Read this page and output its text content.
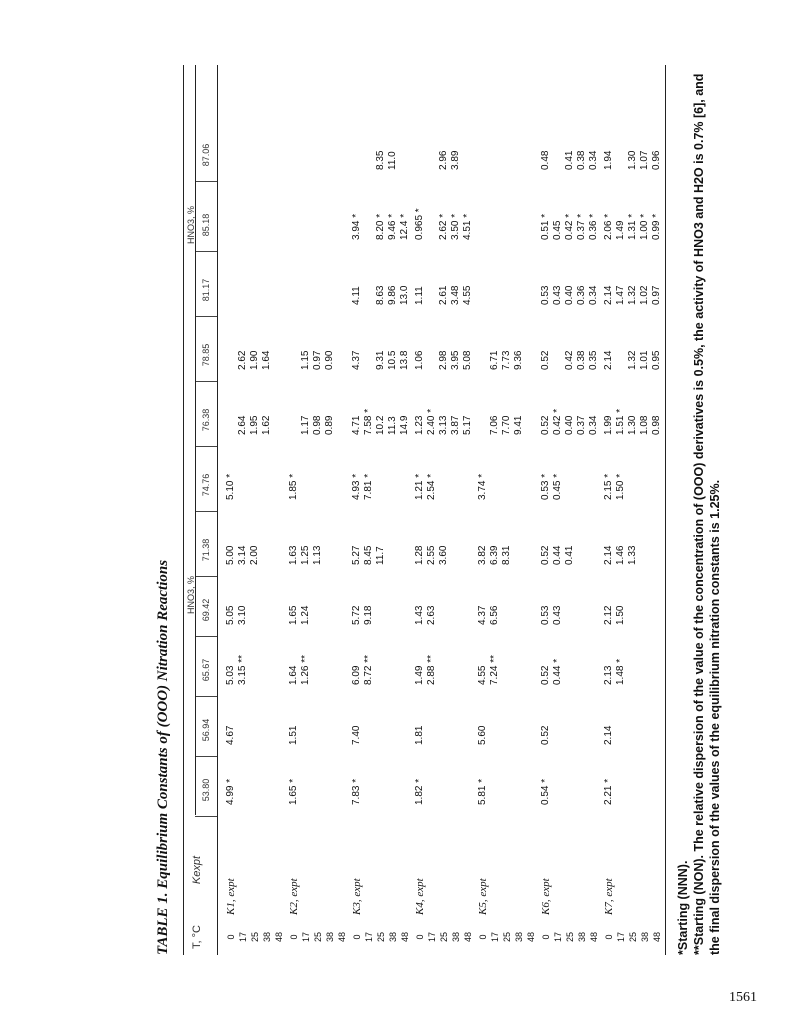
TABLE 1. Equilibrium Constants of (OOO) Nitration Reactions	T, °C
Kexpt
HNO3, %
HNO3, %
53.80
56.94
65.67
69.42
71.38
74.76
76.38
78.85
81.17
85.18
87.06
0 17 25 38 48
K1, expt
4.99 *
4.67
5.03 3.15 **
5.05 3.10
5.00 3.14 2.00
5.10 *
2.64 1.95 1.62
2.62 1.90 1.64
0 17 25 38 48
K2, expt
1.65 *
1.51
1.64 1.26 **
1.65 1.24
1.63 1.25 1.13
1.85 *
1.17 0.98 0.89
1.15 0.97 0.90
0 17 25 38 48
K3, expt
7.83 *
7.40
6.09 8.72 **
5.72 9.18
5.27 8.45 11.7
4.93 * 7.81 *
4.71 7.58 * 10.2 11.3 14.9
4.37 9.31 10.5 13.8
4.11 8.63 9.86 13.0
3.94 * 8.20 * 9.46 * 12.4 *
8.35 11.0
0 17 25 38 48
K4, expt
1.82 *
1.81
1.49 2.88 **
1.43 2.63
1.28 2.55 3.60
1.21 * 2.54 *
1.23 2.40 * 3.13 3.87 5.17
1.06 2.98 3.95 5.08
1.11 2.61 3.48 4.55
0.965 * 2.62 * 3.50 * 4.51 *
2.96 3.89
0 17 25 38 48
K5, expt
5.81 *
5.60
4.55 7.24 **
4.37 6.56
3.82 6.39 8.31
3.74 *
7.06 7.70 9.41
6.71 7.73 9.36
0 17 25 38 48
K6, expt
0.54 *
0.52
0.52 0.44 *
0.53 0.43
0.52 0.44 0.41
0.53 * 0.45 *
0.52 0.42 * 0.40 0.37 0.34
0.52 0.42 0.38 0.35
0.53 0.43 0.40 0.36 0.34
0.51 * 0.45 0.42 * 0.37 * 0.36 *
0.48 0.41 0.38 0.34
0 17 25 38 48
K7, expt
2.21 *
2.14
2.13 1.48 *
2.12 1.50
2.14 1.46 1.33
2.15 * 1.50 *
1.99 1.51 * 1.30 1.08 0.98
2.14 1.32 1.01 0.95
2.14 1.47 1.32 1.02 0.97
2.06 * 1.49 1.31 * 1.00 * 0.99 *
1.94 1.30 1.07 0.96
*Starting (NNN). **Starting (NON). The relative dispersion of the value of the concentration of (OOO) derivatives is 0.5%, the activity of HNO3 and H2O is 0.7% [6], and the final dispersion of the values of the equilibrium nitration constants is 1.25%.
1561
